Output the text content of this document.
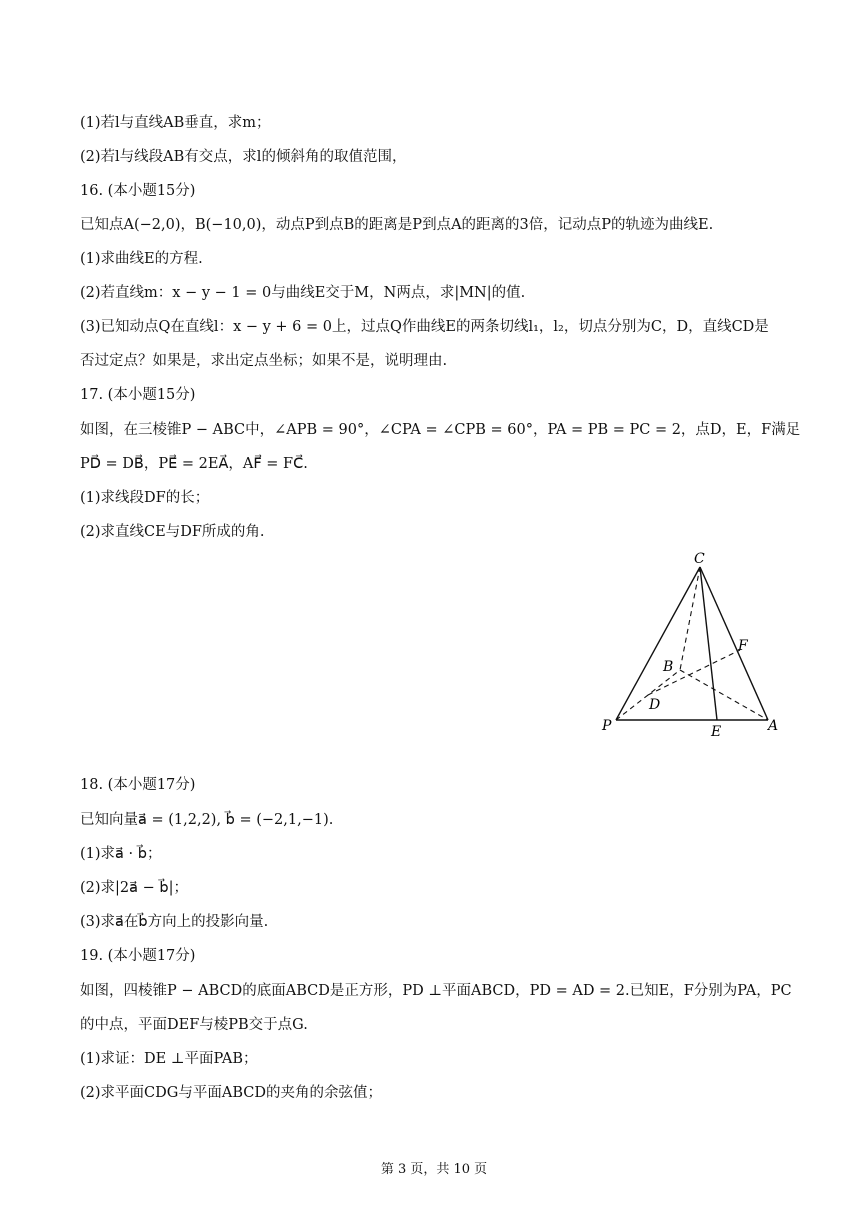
(1)若l与直线AB垂直，求m；
(2)若l与线段AB有交点，求l的倾斜角的取值范围，
16. (本小题15分)
已知点A(−2,0)，B(−10,0)，动点P到点B的距离是P到点A的距离的3倍，记动点P的轨迹为曲线E.
(1)求曲线E的方程.
(2)若直线m：x − y − 1 = 0与曲线E交于M，N两点，求|MN|的值.
(3)已知动点Q在直线l：x − y + 6 = 0上，过点Q作曲线E的两条切线l₁，l₂，切点分别为C，D，直线CD是
否过定点？如果是，求出定点坐标；如果不是，说明理由.
17. (本小题15分)
如图，在三棱锥P − ABC中，∠APB = 90°，∠CPA = ∠CPB = 60°，PA = PB = PC = 2，点D，E，F满足
PD⃗ = DB⃗，PE⃗ = 2EA⃗，AF⃗ = FC⃗.
(1)求线段DF的长；
(2)求直线CE与DF所成的角.
C
F
B
D
P	E	A
18. (本小题17分)
已知向量a⃗ = (1,2,2), b⃗ = (−2,1,−1).
(1)求a⃗ · b⃗；
(2)求|2a⃗ − b⃗|；
(3)求a⃗在b⃗方向上的投影向量.
19. (本小题17分)
如图，四棱锥P − ABCD的底面ABCD是正方形，PD ⊥平面ABCD，PD = AD = 2.已知E，F分别为PA，PC
的中点，平面DEF与棱PB交于点G.
(1)求证：DE ⊥平面PAB；
(2)求平面CDG与平面ABCD的夹角的余弦值；
第 3 页，共 10 页
